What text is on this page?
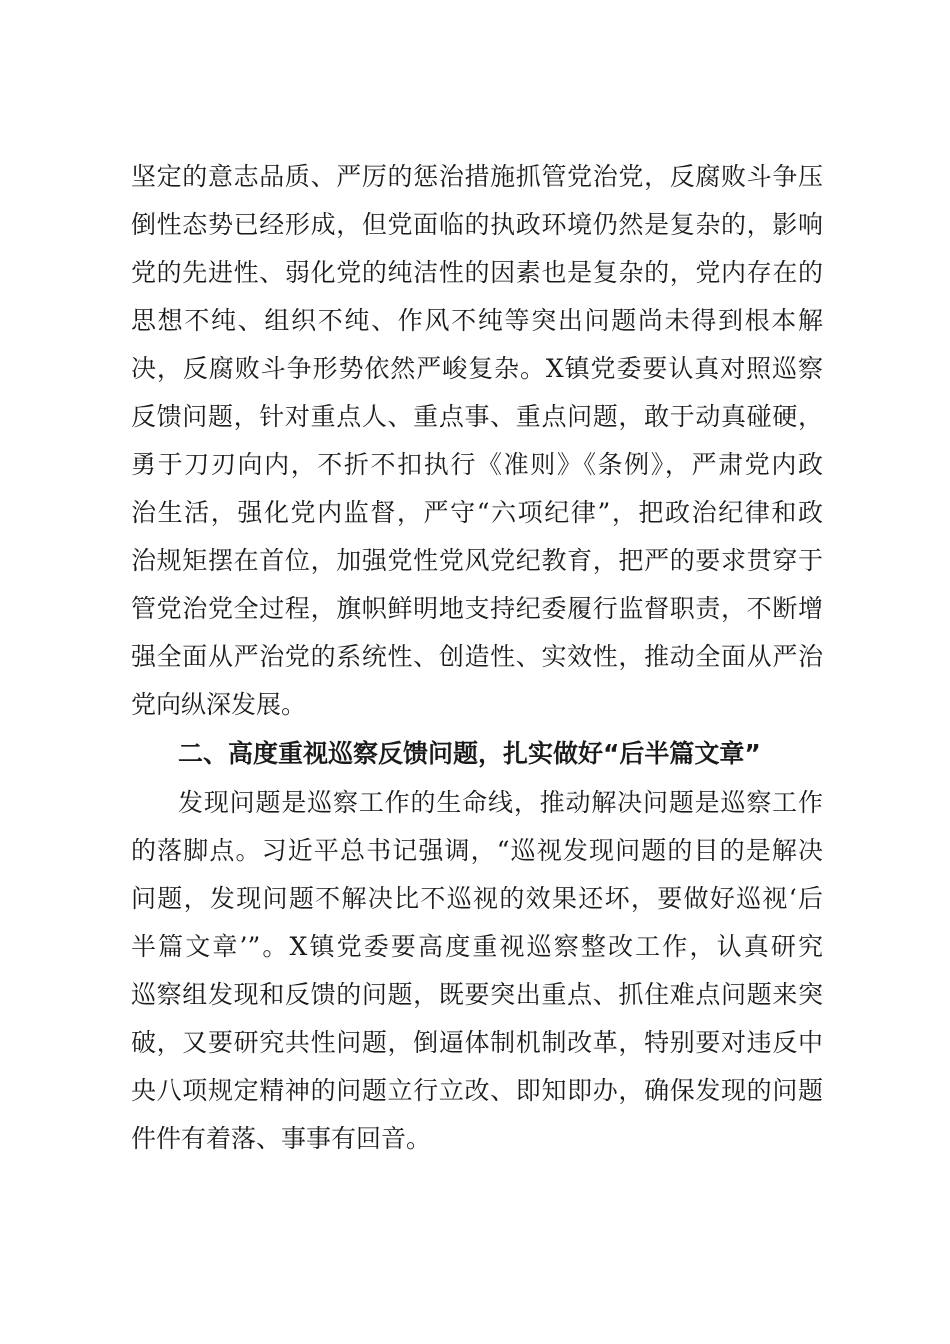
坚定的意志品质、严厉的惩治措施抓管党治党，反腐败斗争压
倒性态势已经形成，但党面临的执政环境仍然是复杂的，影响
党的先进性、弱化党的纯洁性的因素也是复杂的，党内存在的
思想不纯、组织不纯、作风不纯等突出问题尚未得到根本解
决，反腐败斗争形势依然严峻复杂。X镇党委要认真对照巡察
反馈问题，针对重点人、重点事、重点问题，敢于动真碰硬，
勇于刀刃向内，不折不扣执行《准则》《条例》，严肃党内政
治生活，强化党内监督，严守“六项纪律”，把政治纪律和政
治规矩摆在首位，加强党性党风党纪教育，把严的要求贯穿于
管党治党全过程，旗帜鲜明地支持纪委履行监督职责，不断增
强全面从严治党的系统性、创造性、实效性，推动全面从严治
党向纵深发展。
二、高度重视巡察反馈问题，扎实做好“后半篇文章”
发现问题是巡察工作的生命线，推动解决问题是巡察工作
的落脚点。习近平总书记强调，“巡视发现问题的目的是解决
问题，发现问题不解决比不巡视的效果还坏，要做好巡视‘后
半篇文章’”。X镇党委要高度重视巡察整改工作，认真研究
巡察组发现和反馈的问题，既要突出重点、抓住难点问题来突
破，又要研究共性问题，倒逼体制机制改革，特别要对违反中
央八项规定精神的问题立行立改、即知即办，确保发现的问题
件件有着落、事事有回音。
